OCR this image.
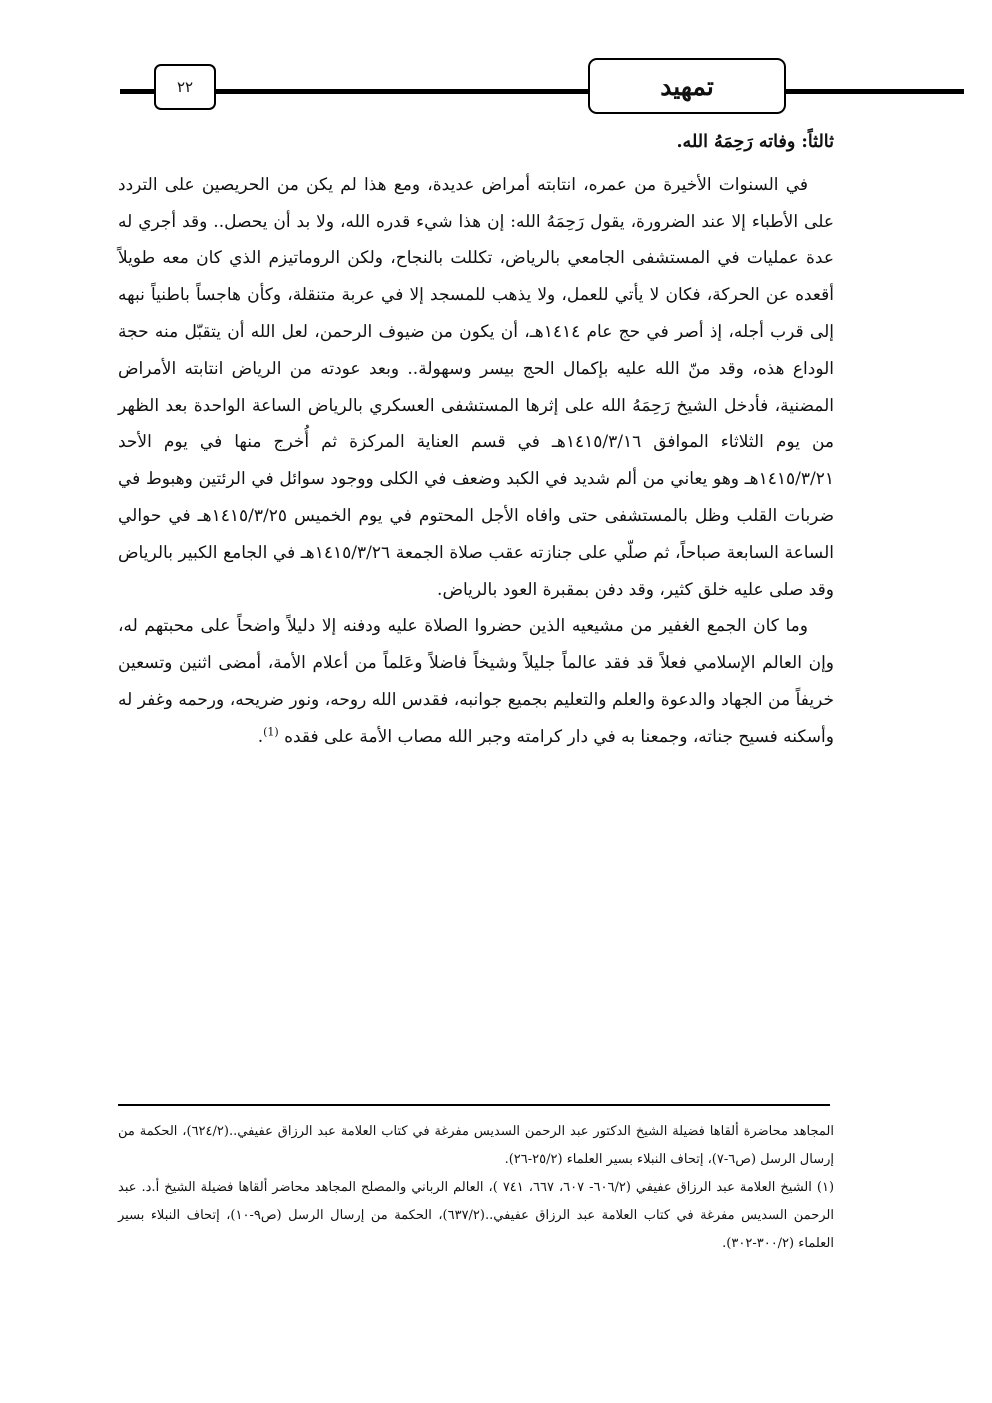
٢٢	تمهيد

ثالثاً: وفاته رَحِمَهُ الله.

في السنوات الأخيرة من عمره، انتابته أمراض عديدة، ومع هذا لم يكن من الحريصين على التردد على الأطباء إلا عند الضرورة، يقول رَحِمَهُ الله: إن هذا شيء قدره الله، ولا بد أن يحصل.. وقد أجري له عدة عمليات في المستشفى الجامعي بالرياض، تكللت بالنجاح، ولكن الروماتيزم الذي كان معه طويلاً أقعده عن الحركة، فكان لا يأتي للعمل، ولا يذهب للمسجد إلا في عربة متنقلة، وكأن هاجساً باطنياً نبهه إلى قرب أجله، إذ أصر في حج عام ١٤١٤هـ، أن يكون من ضيوف الرحمن، لعل الله أن يتقبّل منه حجة الوداع هذه، وقد منّ الله عليه بإكمال الحج بيسر وسهولة.. وبعد عودته من الرياض انتابته الأمراض المضنية، فأدخل الشيخ رَحِمَهُ الله على إثرها المستشفى العسكري بالرياض الساعة الواحدة بعد الظهر من يوم الثلاثاء الموافق ١٤١٥/٣/١٦هـ في قسم العناية المركزة ثم أُخرج منها في يوم الأحد ١٤١٥/٣/٢١هـ وهو يعاني من ألم شديد في الكبد وضعف في الكلى ووجود سوائل في الرئتين وهبوط في ضربات القلب وظل بالمستشفى حتى وافاه الأجل المحتوم في يوم الخميس ١٤١٥/٣/٢٥هـ في حوالي الساعة السابعة صباحاً، ثم صلّي على جنازته عقب صلاة الجمعة ١٤١٥/٣/٢٦هـ في الجامع الكبير بالرياض وقد صلى عليه خلق كثير، وقد دفن بمقبرة العود بالرياض.

وما كان الجمع الغفير من مشيعيه الذين حضروا الصلاة عليه ودفنه إلا دليلاً واضحاً على محبتهم له، وإن العالم الإسلامي فعلاً قد فقد عالماً جليلاً وشيخاً فاضلاً وعَلماً من أعلام الأمة، أمضى اثنين وتسعين خريفاً من الجهاد والدعوة والعلم والتعليم بجميع جوانبه، فقدس الله روحه، ونور ضريحه، ورحمه وغفر له وأسكنه فسيح جناته، وجمعنا به في دار كرامته وجبر الله مصاب الأمة على فقده $^{(1)}$.

المجاهد محاضرة ألقاها فضيلة الشيخ الدكتور عبد الرحمن السديس مفرغة في كتاب العلامة عبد الرزاق عفيفي..(٦٢٤/٢)، الحكمة من إرسال الرسل (ص٦-٧)، إتحاف النبلاء بسير العلماء (٢٥/٢-٢٦).

(١) الشيخ العلامة عبد الرزاق عفيفي (٦٠٦/٢- ٦٠٧، ٦٦٧، ٧٤١ )، العالم الرباني والمصلح المجاهد محاضر ألقاها فضيلة الشيخ أ.د. عبد الرحمن السديس مفرغة في كتاب العلامة عبد الرزاق عفيفي..(٦٣٧/٢)، الحكمة من إرسال الرسل (ص٩-١٠)، إتحاف النبلاء بسير العلماء (٣٠٠/٢-٣٠٢).
